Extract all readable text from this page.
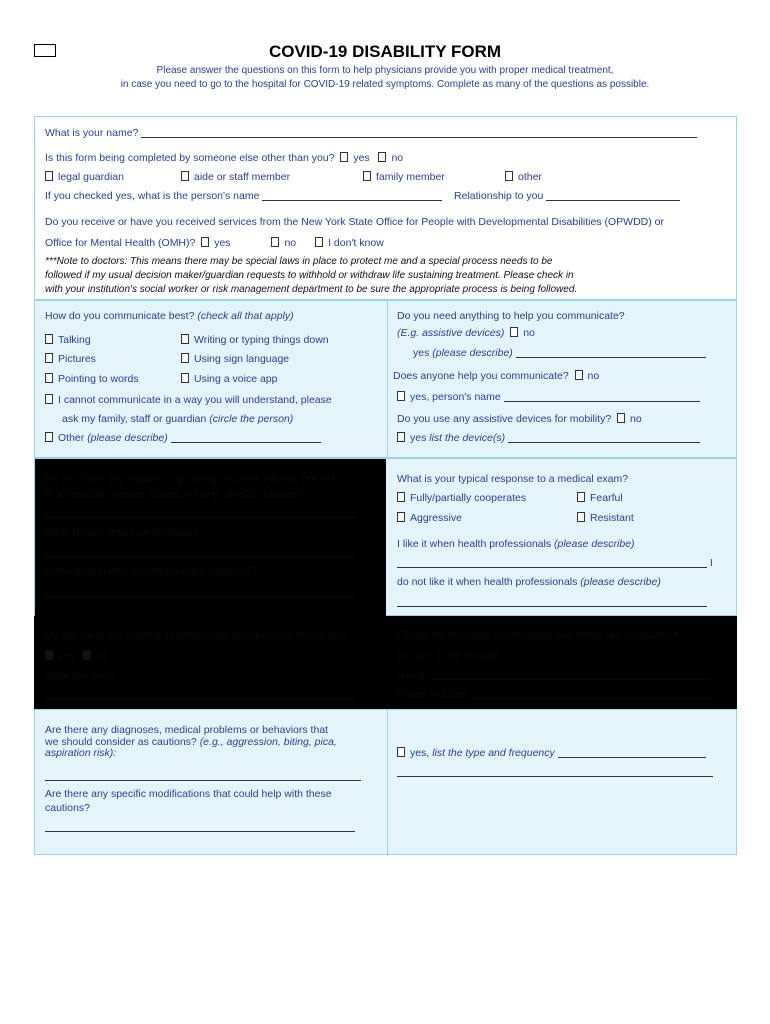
COVID-19 DISABILITY FORM
Please answer the questions on this form to help physicians provide you with proper medical treatment,
in case you need to go to the hospital for COVID-19 related symptoms. Complete as many of the questions as possible.
What is your name?
Is this form being completed by someone else other than you? yes no
legal guardian	aide or staff member	family member	other
If you checked yes, what is the person's name	Relationship to you
Do you receive or have you received services from the New York State Office for People with Developmental Disabilities (OPWDD) or
Office for Mental Health (OMH)? yes	no	I don't know
***Note to doctors: This means there may be special laws in place to protect me and a special process needs to be
followed if my usual decision maker/guardian requests to withhold or withdraw life sustaining treatment. Please check in
with your institution's social worker or risk management department to be sure the appropriate process is being followed.
How do you communicate best? (check all that apply)
Talking	Writing or typing things down
Pictures	Using sign language
Pointing to words	Using a voice app
I cannot communicate in a way you will understand, please
ask my family, staff or guardian (circle the person)
Other (please describe)
Do you need anything to help you communicate?
(E.g. assistive devices) no
yes (please describe)
Does anyone help you communicate? no
yes, person's name
Do you use any assistive devices for mobility? no
yes list the device(s)
Do you have any triggers (e.g., being touched, trauma, doctors
of a particular gender, noises, lighting, smells, textures):
What is your response to triggers?
How can you best be helped when triggered?
What is your typical response to a medical exam?
Fully/partially cooperates	Fearful
Aggressive	Resistant
I like it when health professionals (please describe)
I
do not like it when health professionals (please describe)
Do you have any medical problems that you go to the doctor for?
yes no
What are they?
Please list the name of the doctor you would like contacted if
you are at the hospital.
Name
Phone Number
Are there any diagnoses, medical problems or behaviors that
we should consider as cautions? (e.g., aggression, biting, pica,
aspiration risk):
Are there any specific modifications that could help with these
cautions?
yes, list the type and frequency
